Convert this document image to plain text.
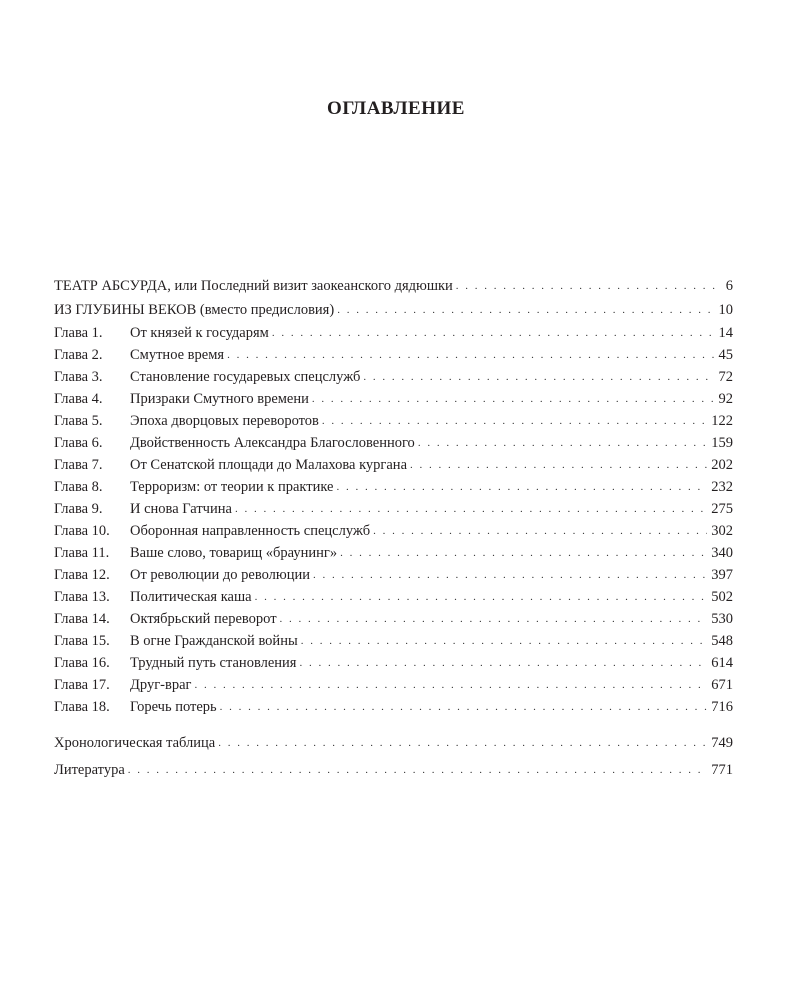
ОГЛАВЛЕНИЕ
ТЕАТР АБСУРДА, или Последний визит заокеанского дядюшки . . .	6
ИЗ ГЛУБИНЫ ВЕКОВ (вместо предисловия) . . .	10
Глава 1.	От князей к государям . . .	14
Глава 2.	Смутное время . . .	45
Глава 3.	Становление государевых спецслужб . . .	72
Глава 4.	Призраки Смутного времени . . .	92
Глава 5.	Эпоха дворцовых переворотов . . .	122
Глава 6.	Двойственность Александра Благословенного . . .	159
Глава 7.	От Сенатской площади до Малахова кургана . . .	202
Глава 8.	Терроризм: от теории к практике . . .	232
Глава 9.	И снова Гатчина . . .	275
Глава 10.	Оборонная направленность спецслужб . . .	302
Глава 11.	Ваше слово, товарищ «браунинг» . . .	340
Глава 12.	От революции до революции . . .	397
Глава 13.	Политическая каша . . .	502
Глава 14.	Октябрьский переворот . . .	530
Глава 15.	В огне Гражданской войны . . .	548
Глава 16.	Трудный путь становления . . .	614
Глава 17.	Друг-враг . . .	671
Глава 18.	Горечь потерь . . .	716
Хронологическая таблица . . .	749
Литература . . .	771
